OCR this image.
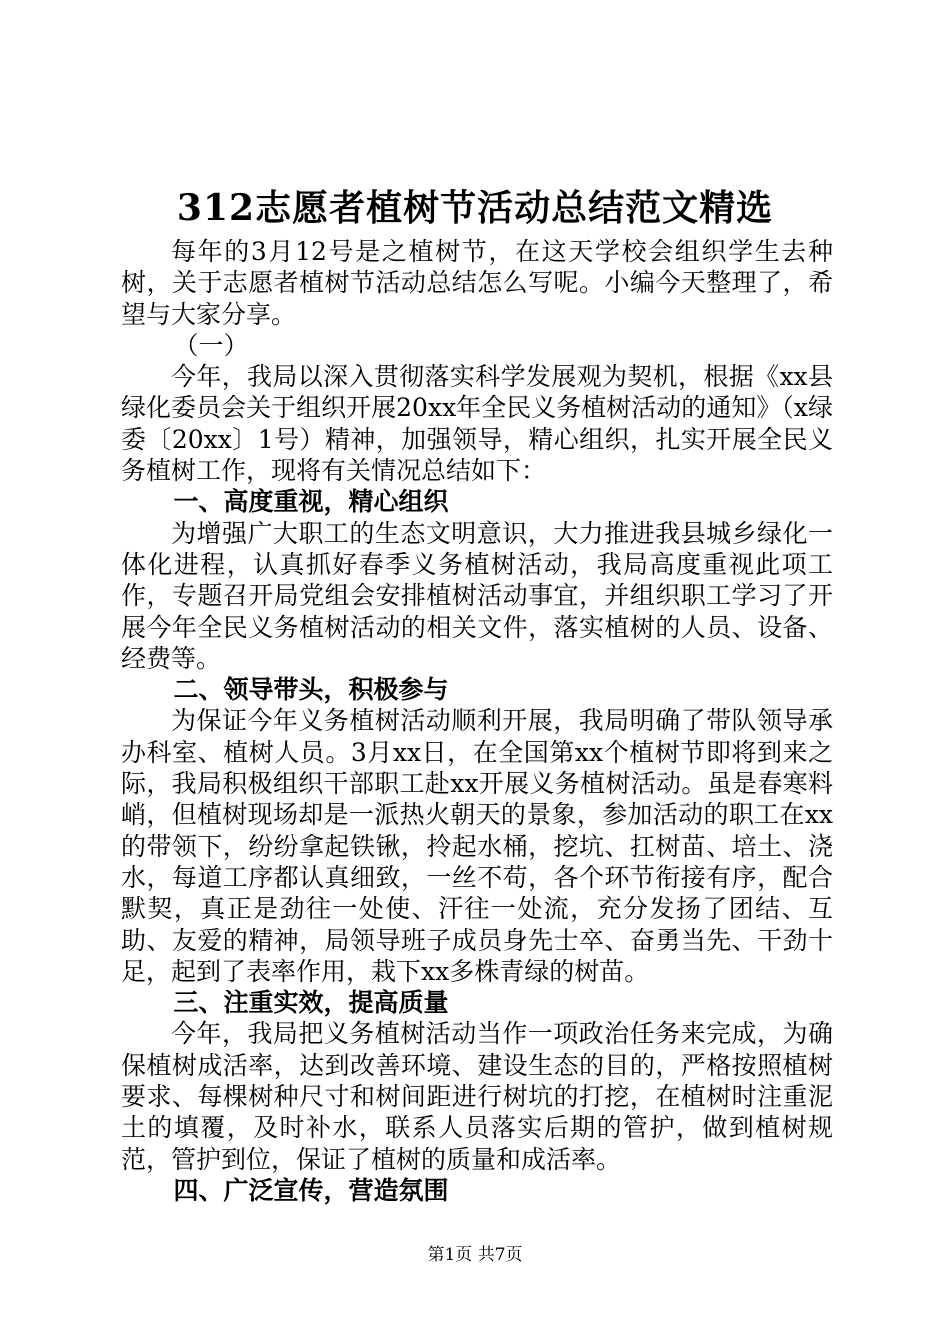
312志愿者植树节活动总结范文精选

每年的3月12号是之植树节，在这天学校会组织学生去种树，关于志愿者植树节活动总结怎么写呢。小编今天整理了，希望与大家分享。

（一）

今年，我局以深入贯彻落实科学发展观为契机，根据《xx县绿化委员会关于组织开展20xx年全民义务植树活动的通知》（x绿委〔20xx〕1号）精神，加强领导，精心组织，扎实开展全民义务植树工作，现将有关情况总结如下：

一、高度重视，精心组织

为增强广大职工的生态文明意识，大力推进我县城乡绿化一体化进程，认真抓好春季义务植树活动，我局高度重视此项工作，专题召开局党组会安排植树活动事宜，并组织职工学习了开展今年全民义务植树活动的相关文件，落实植树的人员、设备、经费等。

二、领导带头，积极参与

为保证今年义务植树活动顺利开展，我局明确了带队领导承办科室、植树人员。3月xx日，在全国第xx个植树节即将到来之际，我局积极组织干部职工赴xx开展义务植树活动。虽是春寒料峭，但植树现场却是一派热火朝天的景象，参加活动的职工在xx的带领下，纷纷拿起铁锹，拎起水桶，挖坑、扛树苗、培土、浇水，每道工序都认真细致，一丝不苟，各个环节衔接有序，配合默契，真正是劲往一处使、汗往一处流，充分发扬了团结、互助、友爱的精神，局领导班子成员身先士卒、奋勇当先、干劲十足，起到了表率作用，栽下xx多株青绿的树苗。

三、注重实效，提高质量

今年，我局把义务植树活动当作一项政治任务来完成，为确保植树成活率，达到改善环境、建设生态的目的，严格按照植树要求、每棵树种尺寸和树间距进行树坑的打挖，在植树时注重泥土的填覆，及时补水，联系人员落实后期的管护，做到植树规范，管护到位，保证了植树的质量和成活率。

四、广泛宣传，营造氛围
第1页 共7页
